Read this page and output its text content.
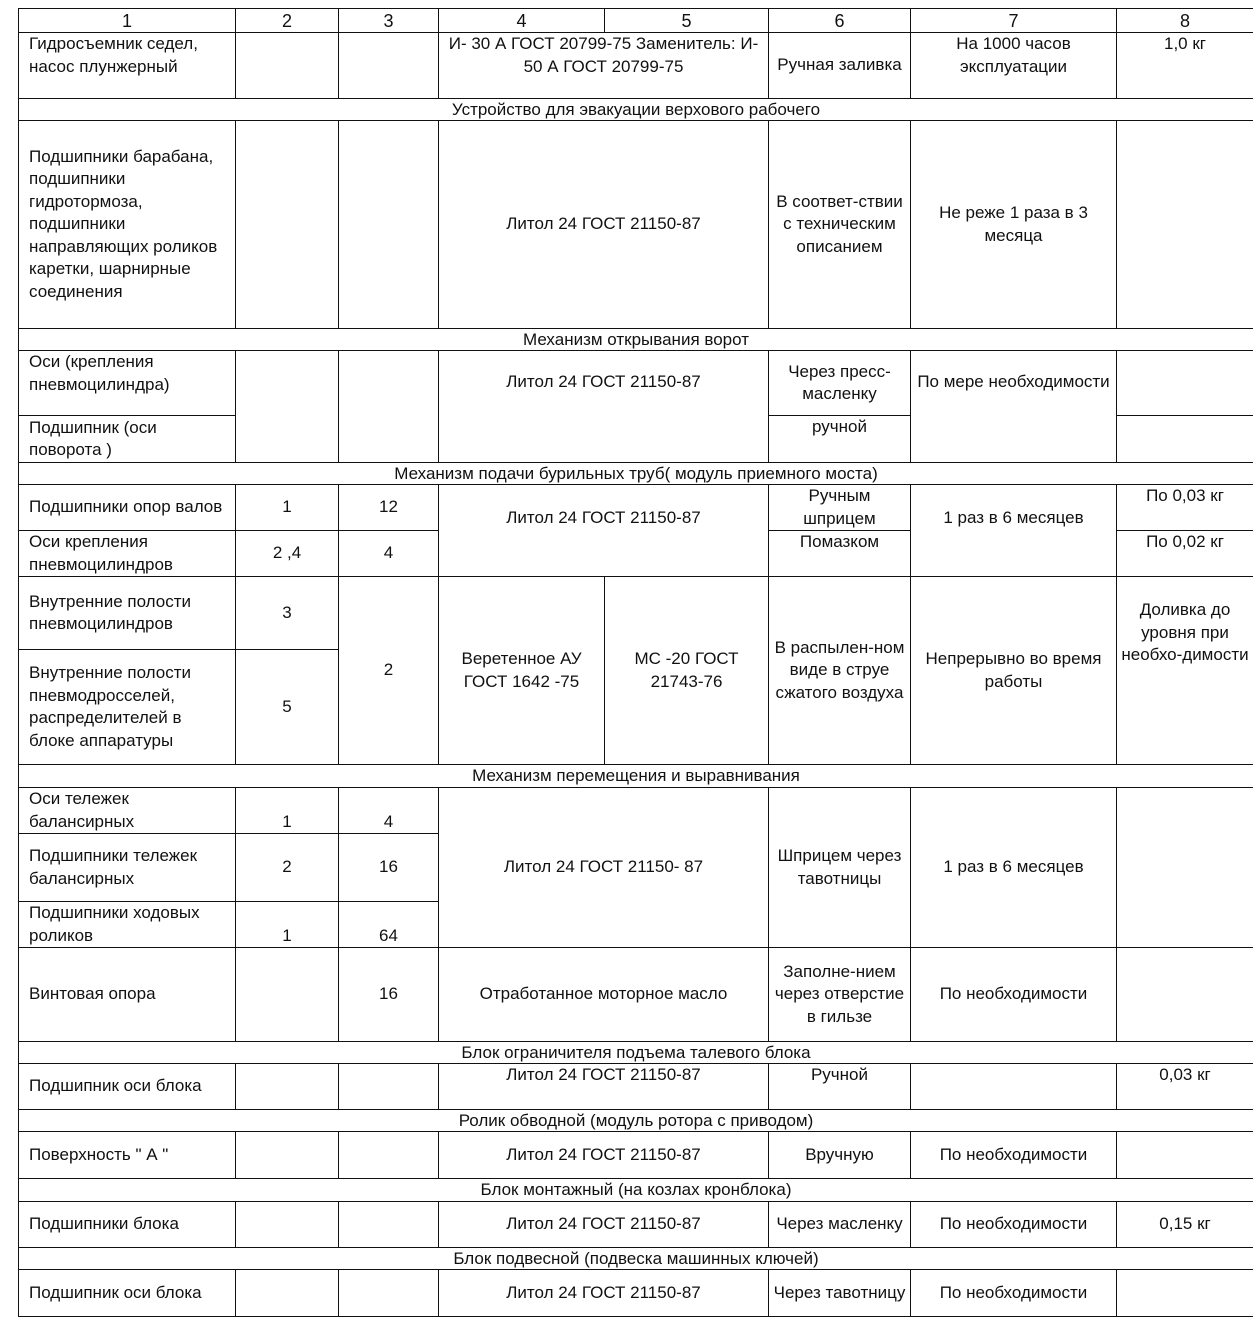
1	2	3	4	5	6	7	8
Гидросъемник седел, насос плунжерный			И- 30 А ГОСТ 20799-75 Заменитель: И- 50 А ГОСТ 20799-75		Ручная заливка	На 1000 часов эксплуатации	1,0 кг
Устройство для эвакуации верхового рабочего							
Подшипники барабана, подшипники гидротормоза, подшипники направляющих роликов каретки, шарнирные соединения			Литол 24 ГОСТ 21150-87		В соответ-ствии с техническим описанием	Не реже 1 раза в 3 месяца	
Механизм открывания ворот							
Оси (крепления пневмоцилиндра)			Литол 24 ГОСТ 21150-87		Через пресс-масленку	По мере необходимости	
Подшипник (оси поворота )					ручной		
Механизм подачи бурильных труб( модуль приемного моста)							
Подшипники опор валов	1	12	Литол 24 ГОСТ 21150-87		Ручным шприцем	1 раз в 6 месяцев	По 0,03 кг
Оси крепления пневмоцилиндров	2 ,4	4			Помазком		По 0,02 кг
Внутренние полости пневмоцилиндров	3	2	Веретенное АУ ГОСТ 1642 -75	МС -20 ГОСТ 21743-76	В распылен-ном виде в струе сжатого воздуха	Непрерывно во время работы	Доливка до уровня при необхо-димости
Внутренние полости пневмодросселей, распределителей в блоке аппаратуры	5						
Механизм перемещения и выравнивания							
Оси тележек балансирных	1	4	Литол 24 ГОСТ 21150- 87		Шприцем через тавотницы	1 раз в 6 месяцев	
Подшипники тележек балансирных	2	16					
Подшипники ходовых роликов	1	64					
Винтовая опора		16	Отработанное моторное масло		Заполне-нием через отверстие в гильзе	По необходимости	
Блок ограничителя подъема талевого блока							
Подшипник оси блока			Литол 24 ГОСТ 21150-87		Ручной		0,03 кг
Ролик обводной (модуль ротора с приводом)							
Поверхность " А "			Литол 24 ГОСТ 21150-87		Вручную	По необходимости	
Блок монтажный (на козлах кронблока)							
Подшипники блока			Литол 24 ГОСТ 21150-87		Через масленку	По необходимости	0,15 кг
Блок подвесной (подвеска машинных ключей)							
Подшипник оси блока			Литол 24 ГОСТ 21150-87		Через тавотницу	По необходимости	
